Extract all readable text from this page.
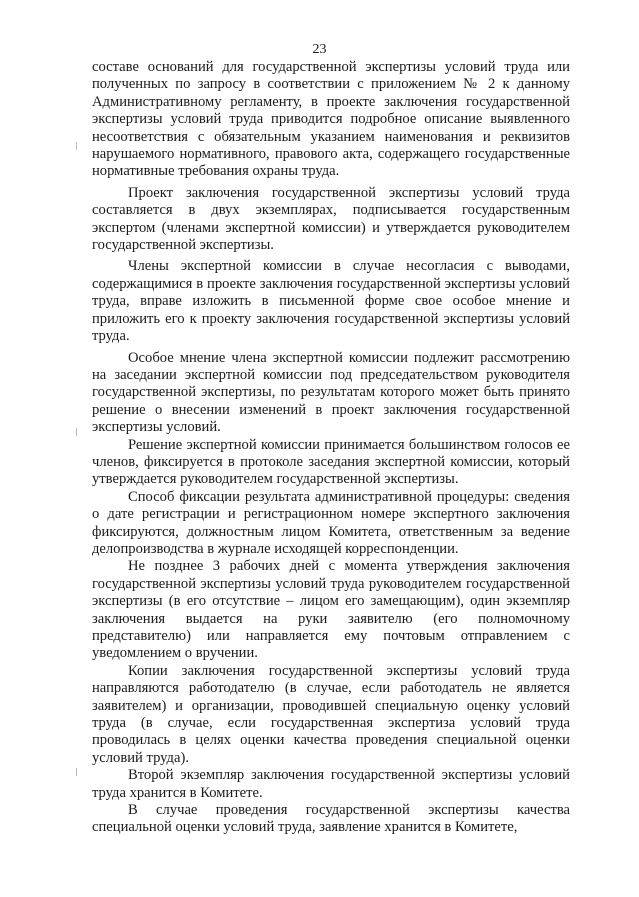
23

составе оснований для государственной экспертизы условий труда или полученных по запросу в соответствии с приложением № 2 к данному Административному регламенту, в проекте заключения государственной экспертизы условий труда приводится подробное описание выявленного несоответствия с обязательным указанием наименования и реквизитов нарушаемого нормативного, правового акта, содержащего государственные нормативные требования охраны труда.

Проект заключения государственной экспертизы условий труда составляется в двух экземплярах, подписывается государственным экспертом (членами экспертной комиссии) и утверждается руководителем государственной экспертизы.

Члены экспертной комиссии в случае несогласия с выводами, содержащимися в проекте заключения государственной экспертизы условий труда, вправе изложить в письменной форме свое особое мнение и приложить его к проекту заключения государственной экспертизы условий труда.

Особое мнение члена экспертной комиссии подлежит рассмотрению на заседании экспертной комиссии под председательством руководителя государственной экспертизы, по результатам которого может быть принято решение о внесении изменений в проект заключения государственной экспертизы условий.

Решение экспертной комиссии принимается большинством голосов ее членов, фиксируется в протоколе заседания экспертной комиссии, который утверждается руководителем государственной экспертизы.

Способ фиксации результата административной процедуры: сведения о дате регистрации и регистрационном номере экспертного заключения фиксируются, должностным лицом Комитета, ответственным за ведение делопроизводства в журнале исходящей корреспонденции.

Не позднее 3 рабочих дней с момента утверждения заключения государственной экспертизы условий труда руководителем государственной экспертизы (в его отсутствие – лицом его замещающим), один экземпляр заключения выдается на руки заявителю (его полномочному представителю) или направляется ему почтовым отправлением с уведомлением о вручении.

Копии заключения государственной экспертизы условий труда направляются работодателю (в случае, если работодатель не является заявителем) и организации, проводившей специальную оценку условий труда (в случае, если государственная экспертиза условий труда проводилась в целях оценки качества проведения специальной оценки условий труда).

Второй экземпляр заключения государственной экспертизы условий труда хранится в Комитете.

В случае проведения государственной экспертизы качества специальной оценки условий труда, заявление хранится в Комитете,
